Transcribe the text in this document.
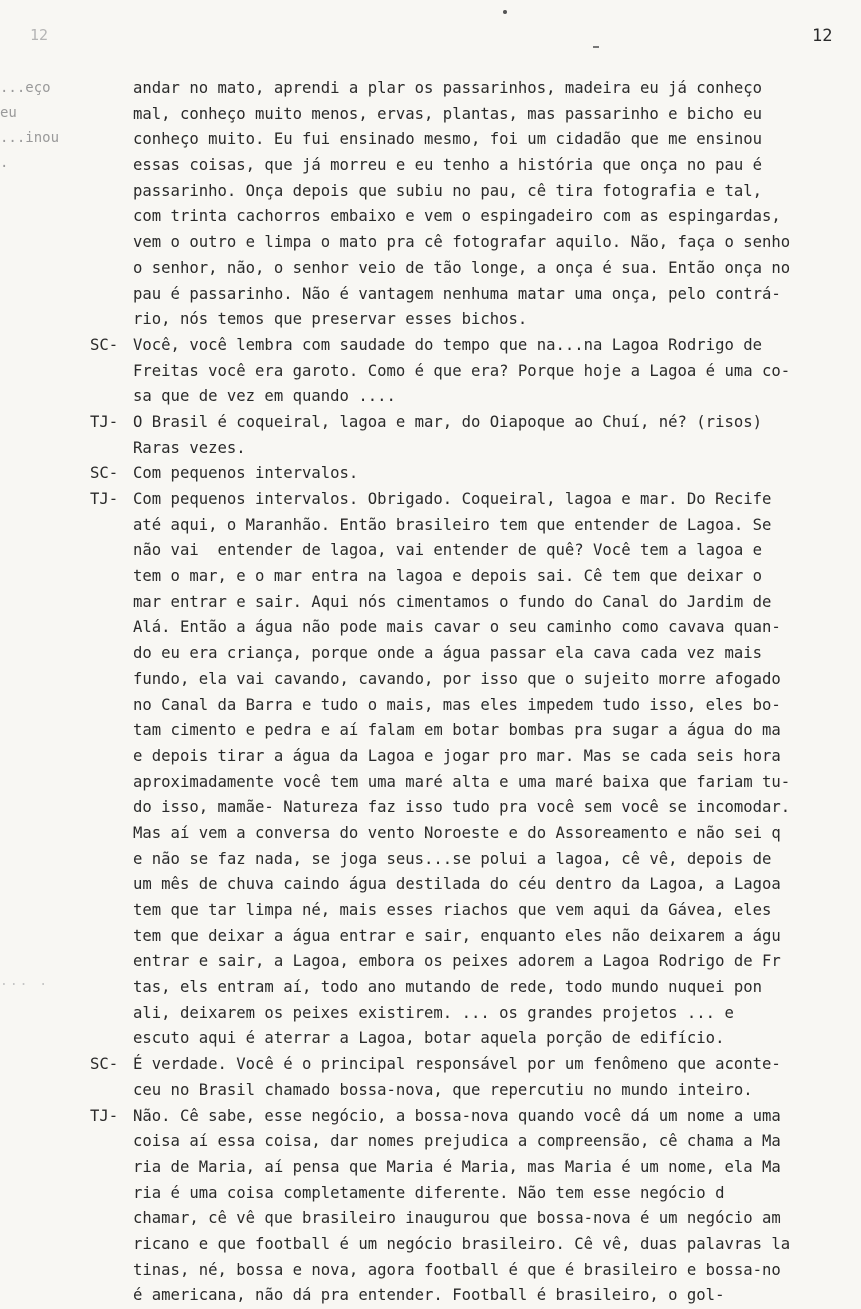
12	12
...eço
eu
...inou
.
... .
andar no mato, aprendi a plar os passarinhos, madeira eu já conheço
mal, conheço muito menos, ervas, plantas, mas passarinho e bicho eu
conheço muito. Eu fui ensinado mesmo, foi um cidadão que me ensinou
essas coisas, que já morreu e eu tenho a história que onça no pau é
passarinho. Onça depois que subiu no pau, cê tira fotografia e tal,
com trinta cachorros embaixo e vem o espingadeiro com as espingardas,
vem o outro e limpa o mato pra cê fotografar aquilo. Não, faça o senho
o senhor, não, o senhor veio de tão longe, a onça é sua. Então onça no
pau é passarinho. Não é vantagem nenhuma matar uma onça, pelo contrá-
rio, nós temos que preservar esses bichos.
SC- Você, você lembra com saudade do tempo que na...na Lagoa Rodrigo de
Freitas você era garoto. Como é que era? Porque hoje a Lagoa é uma co-
sa que de vez em quando ....
TJ- O Brasil é coqueiral, lagoa e mar, do Oiapoque ao Chuí, né? (risos)
Raras vezes.
SC- Com pequenos intervalos.
TJ- Com pequenos intervalos. Obrigado. Coqueiral, lagoa e mar. Do Recife
até aqui, o Maranhão. Então brasileiro tem que entender de Lagoa. Se
não vai  entender de lagoa, vai entender de quê? Você tem a lagoa e
tem o mar, e o mar entra na lagoa e depois sai. Cê tem que deixar o
mar entrar e sair. Aqui nós cimentamos o fundo do Canal do Jardim de
Alá. Então a água não pode mais cavar o seu caminho como cavava quan-
do eu era criança, porque onde a água passar ela cava cada vez mais
fundo, ela vai cavando, cavando, por isso que o sujeito morre afogado
no Canal da Barra e tudo o mais, mas eles impedem tudo isso, eles bo-
tam cimento e pedra e aí falam em botar bombas pra sugar a água do ma
e depois tirar a água da Lagoa e jogar pro mar. Mas se cada seis hora
aproximadamente você tem uma maré alta e uma maré baixa que fariam tu-
do isso, mamãe- Natureza faz isso tudo pra você sem você se incomodar.
Mas aí vem a conversa do vento Noroeste e do Assoreamento e não sei q
e não se faz nada, se joga seus...se polui a lagoa, cê vê, depois de
um mês de chuva caindo água destilada do céu dentro da Lagoa, a Lagoa
tem que tar limpa né, mais esses riachos que vem aqui da Gávea, eles
tem que deixar a água entrar e sair, enquanto eles não deixarem a águ
entrar e sair, a Lagoa, embora os peixes adorem a Lagoa Rodrigo de Fr
tas, els entram aí, todo ano mutando de rede, todo mundo nuquei pon
ali, deixarem os peixes existirem. ... os grandes projetos ... e
escuto aqui é aterrar a Lagoa, botar aquela porção de edifício.
SC- É verdade. Você é o principal responsável por um fenômeno que aconte-
ceu no Brasil chamado bossa-nova, que repercutiu no mundo inteiro.
TJ- Não. Cê sabe, esse negócio, a bossa-nova quando você dá um nome a uma
coisa aí essa coisa, dar nomes prejudica a compreensão, cê chama a Ma
ria de Maria, aí pensa que Maria é Maria, mas Maria é um nome, ela Ma
ria é uma coisa completamente diferente. Não tem esse negócio d
chamar, cê vê que brasileiro inaugurou que bossa-nova é um negócio am
ricano e que football é um negócio brasileiro. Cê vê, duas palavras la
tinas, né, bossa e nova, agora football é que é brasileiro e bossa-no
é americana, não dá pra entender. Football é brasileiro, o gol-
